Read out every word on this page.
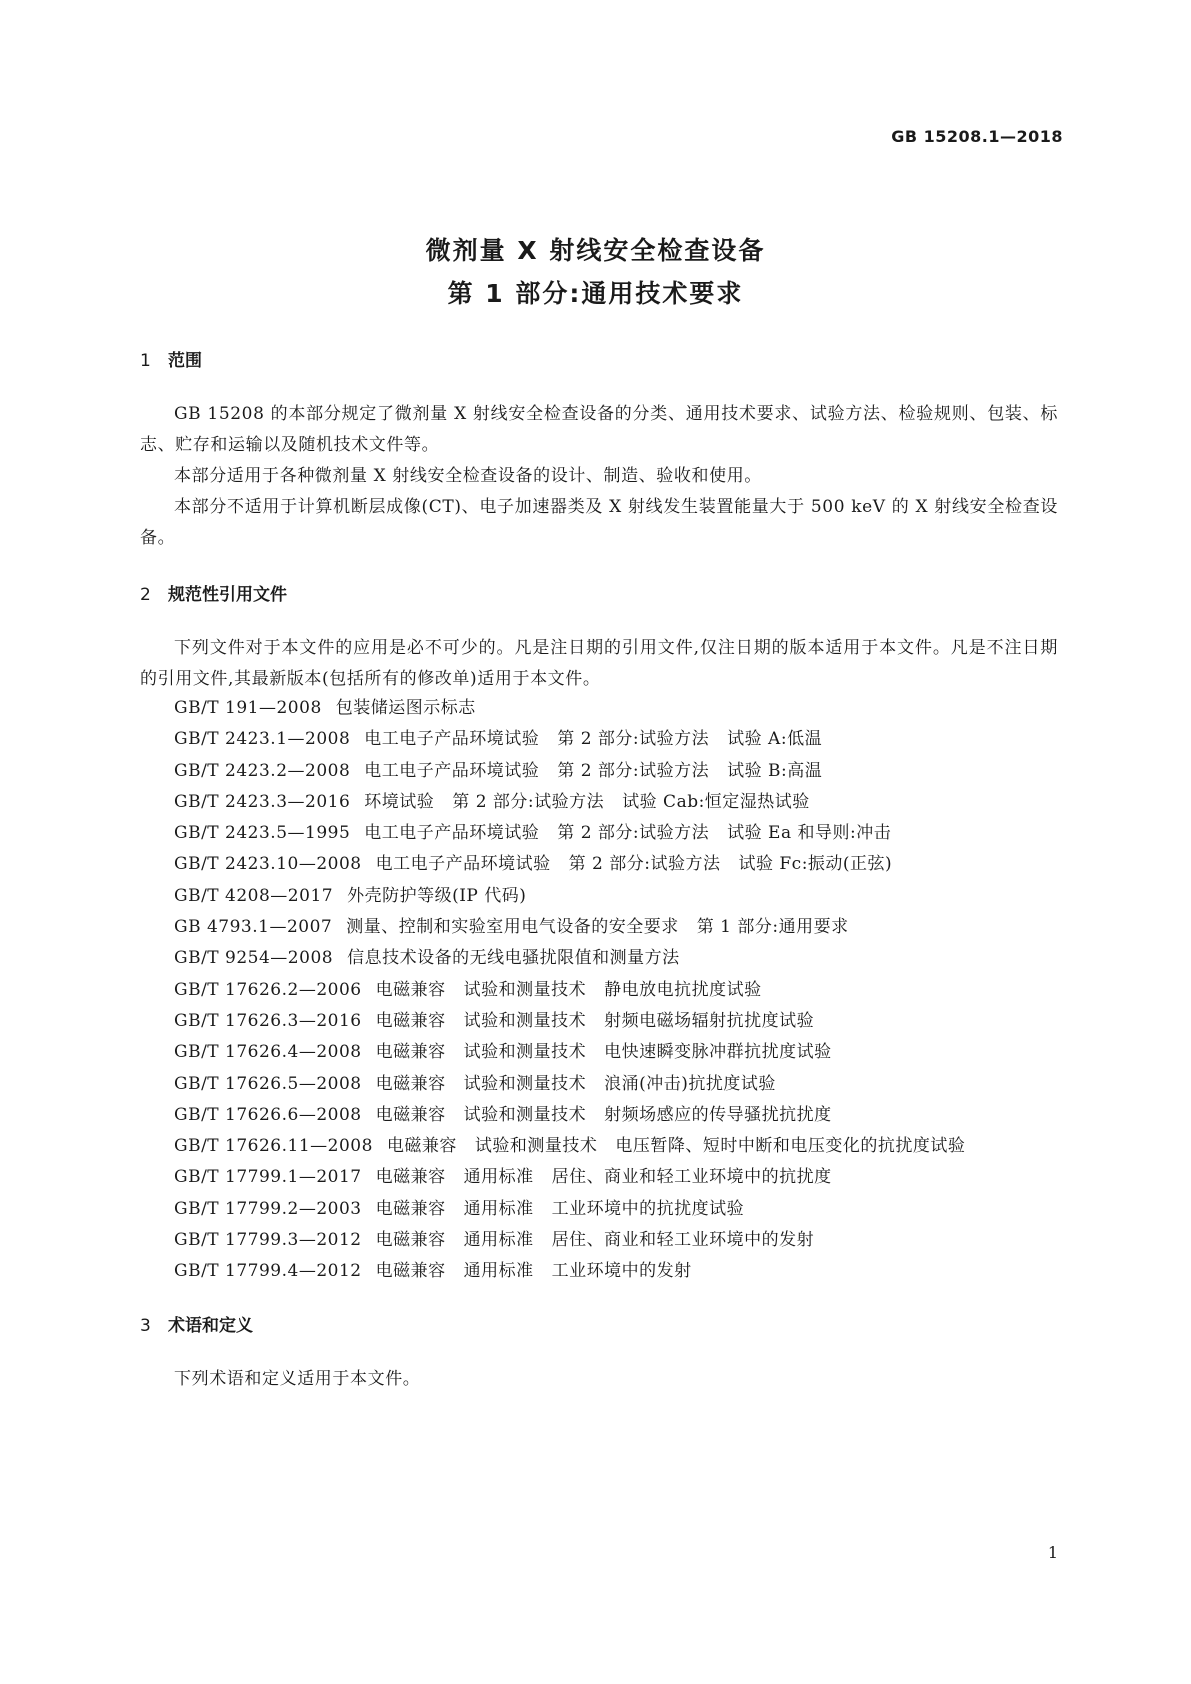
GB 15208.1—2018
微剂量 X 射线安全检查设备
第 1 部分:通用技术要求
1 范围

GB 15208 的本部分规定了微剂量 X 射线安全检查设备的分类、通用技术要求、试验方法、检验规则、包装、标志、贮存和运输以及随机技术文件等。

本部分适用于各种微剂量 X 射线安全检查设备的设计、制造、验收和使用。

本部分不适用于计算机断层成像(CT)、电子加速器类及 X 射线发生装置能量大于 500 keV 的 X 射线安全检查设备。

2 规范性引用文件

下列文件对于本文件的应用是必不可少的。凡是注日期的引用文件,仅注日期的版本适用于本文件。凡是不注日期的引用文件,其最新版本(包括所有的修改单)适用于本文件。

GB/T 191—2008 包装储运图示标志

GB/T 2423.1—2008 电工电子产品环境试验 第 2 部分:试验方法 试验 A:低温

GB/T 2423.2—2008 电工电子产品环境试验 第 2 部分:试验方法 试验 B:高温

GB/T 2423.3—2016 环境试验 第 2 部分:试验方法 试验 Cab:恒定湿热试验

GB/T 2423.5—1995 电工电子产品环境试验 第 2 部分:试验方法 试验 Ea 和导则:冲击

GB/T 2423.10—2008 电工电子产品环境试验 第 2 部分:试验方法 试验 Fc:振动(正弦)

GB/T 4208—2017 外壳防护等级(IP 代码)

GB 4793.1—2007 测量、控制和实验室用电气设备的安全要求 第 1 部分:通用要求

GB/T 9254—2008 信息技术设备的无线电骚扰限值和测量方法

GB/T 17626.2—2006 电磁兼容 试验和测量技术 静电放电抗扰度试验

GB/T 17626.3—2016 电磁兼容 试验和测量技术 射频电磁场辐射抗扰度试验

GB/T 17626.4—2008 电磁兼容 试验和测量技术 电快速瞬变脉冲群抗扰度试验

GB/T 17626.5—2008 电磁兼容 试验和测量技术 浪涌(冲击)抗扰度试验

GB/T 17626.6—2008 电磁兼容 试验和测量技术 射频场感应的传导骚扰抗扰度

GB/T 17626.11—2008 电磁兼容 试验和测量技术 电压暂降、短时中断和电压变化的抗扰度试验

GB/T 17799.1—2017 电磁兼容 通用标准 居住、商业和轻工业环境中的抗扰度

GB/T 17799.2—2003 电磁兼容 通用标准 工业环境中的抗扰度试验

GB/T 17799.3—2012 电磁兼容 通用标准 居住、商业和轻工业环境中的发射

GB/T 17799.4—2012 电磁兼容 通用标准 工业环境中的发射

3 术语和定义

下列术语和定义适用于本文件。

1
